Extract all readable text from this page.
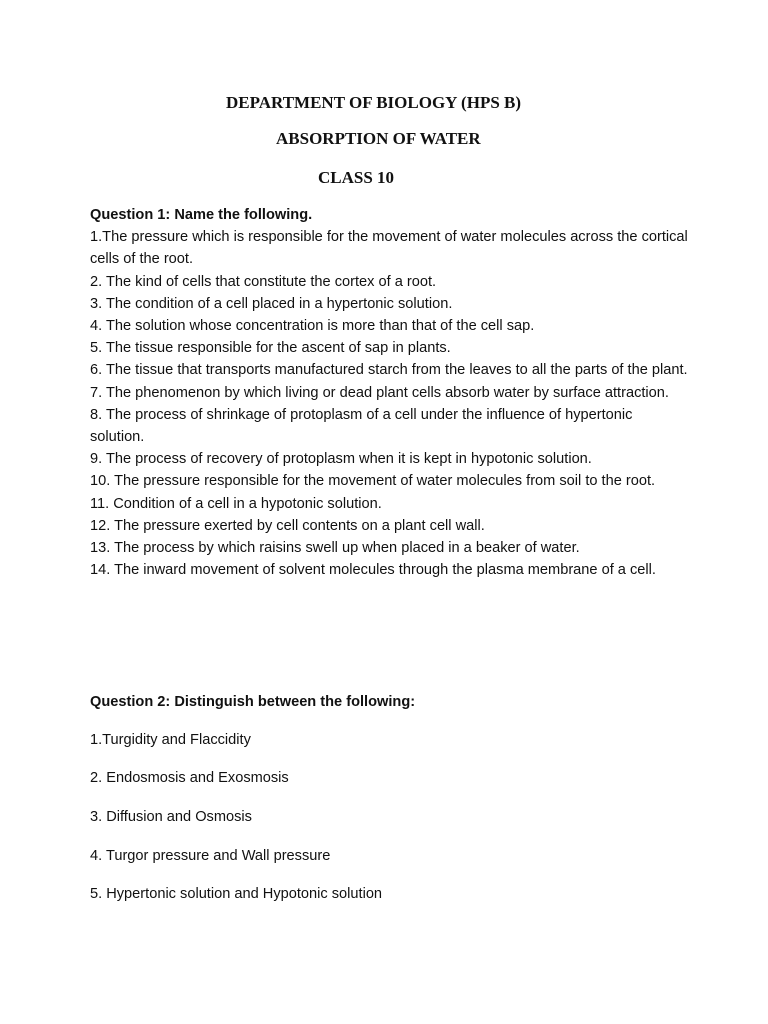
DEPARTMENT OF BIOLOGY (HPS B)
ABSORPTION OF WATER
CLASS 10
Question 1: Name the following.
1.The pressure which is responsible for the movement of water molecules across the cortical cells of the root.
2. The kind of cells that constitute the cortex of a root.
3. The condition of a cell placed in a hypertonic solution.
4. The solution whose concentration is more than that of the cell sap.
5. The tissue responsible for the ascent of sap in plants.
6. The tissue that transports manufactured starch from the leaves to all the parts of the plant.
7. The phenomenon by which living or dead plant cells absorb water by surface attraction.
8. The process of shrinkage of protoplasm of a cell under the influence of hypertonic solution.
9. The process of recovery of protoplasm when it is kept in hypotonic solution.
10. The pressure responsible for the movement of water molecules from soil to the root.
11. Condition of a cell in a hypotonic solution.
12. The pressure exerted by cell contents on a plant cell wall.
13. The process by which raisins swell up when placed in a beaker of water.
14. The inward movement of solvent molecules through the plasma membrane of a cell.
Question 2: Distinguish between the following:
1.Turgidity and Flaccidity
2. Endosmosis and Exosmosis
3. Diffusion and Osmosis
4. Turgor pressure and Wall pressure
5. Hypertonic solution and Hypotonic solution
